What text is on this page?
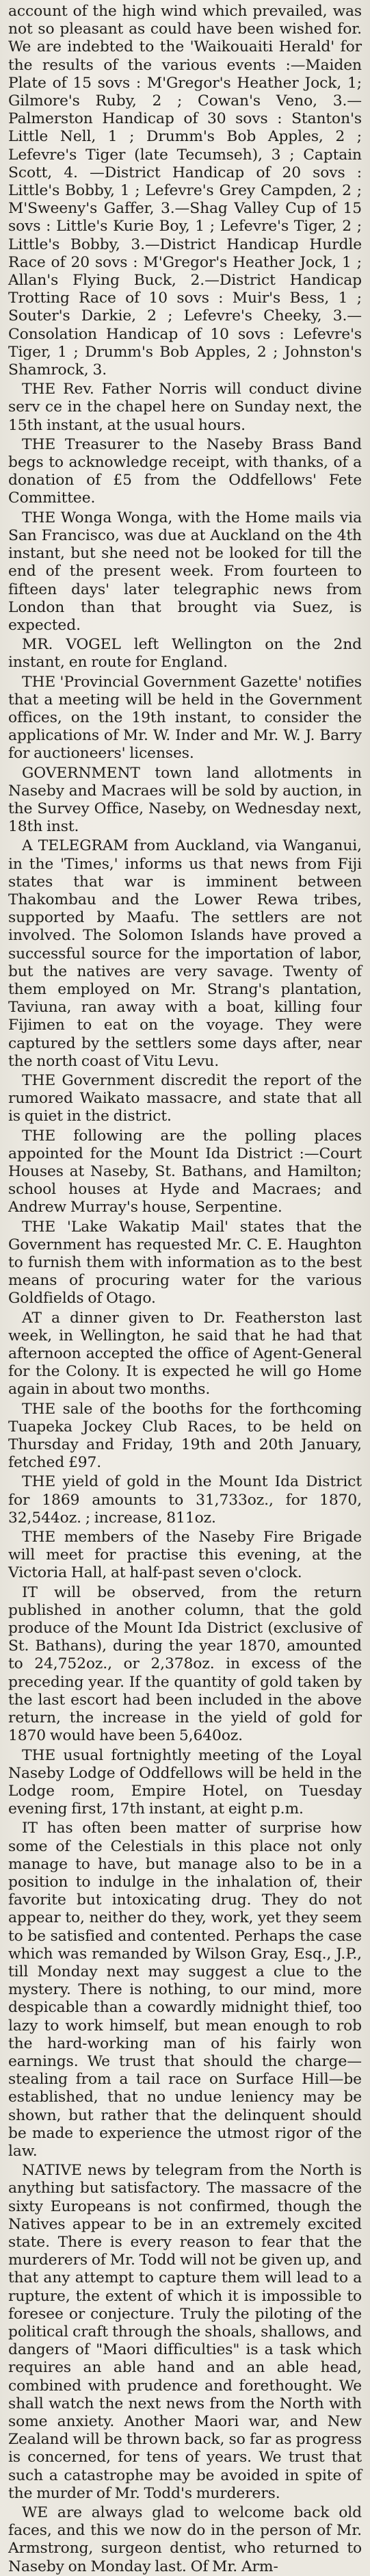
account of the high wind which prevailed, was not so pleasant as could have been wished for. We are indebted to the 'Waikouaiti Herald' for the results of the various events :—Maiden Plate of 15 sovs : M'Gregor's Heather Jock, 1; Gilmore's Ruby, 2 ; Cowan's Veno, 3.—Palmerston Handicap of 30 sovs : Stanton's Little Nell, 1 ; Drumm's Bob Apples, 2 ; Lefevre's Tiger (late Tecumseh), 3 ; Captain Scott, 4. —District Handicap of 20 sovs : Little's Bobby, 1 ; Lefevre's Grey Campden, 2 ; M'Sweeny's Gaffer, 3.—Shag Valley Cup of 15 sovs : Little's Kurie Boy, 1 ; Lefevre's Tiger, 2 ; Little's Bobby, 3.—District Handicap Hurdle Race of 20 sovs : M'Gregor's Heather Jock, 1 ; Allan's Flying Buck, 2.—District Handicap Trotting Race of 10 sovs : Muir's Bess, 1 ; Souter's Darkie, 2 ; Lefevre's Cheeky, 3.—Consolation Handicap of 10 sovs : Lefevre's Tiger, 1 ; Drumm's Bob Apples, 2 ; Johnston's Shamrock, 3.

THE Rev. Father Norris will conduct divine serv ce in the chapel here on Sunday next, the 15th instant, at the usual hours.

THE Treasurer to the Naseby Brass Band begs to acknowledge receipt, with thanks, of a donation of £5 from the Oddfellows' Fete Committee.

THE Wonga Wonga, with the Home mails via San Francisco, was due at Auckland on the 4th instant, but she need not be looked for till the end of the present week. From fourteen to fifteen days' later telegraphic news from London than that brought via Suez, is expected.

MR. VOGEL left Wellington on the 2nd instant, en route for England.

THE 'Provincial Government Gazette' notifies that a meeting will be held in the Government offices, on the 19th instant, to consider the applications of Mr. W. Inder and Mr. W. J. Barry for auctioneers' licenses.

GOVERNMENT town land allotments in Naseby and Macraes will be sold by auction, in the Survey Office, Naseby, on Wednesday next, 18th inst.

A TELEGRAM from Auckland, via Wanganui, in the 'Times,' informs us that news from Fiji states that war is imminent between Thakombau and the Lower Rewa tribes, supported by Maafu. The settlers are not involved. The Solomon Islands have proved a successful source for the importation of labor, but the natives are very savage. Twenty of them employed on Mr. Strang's plantation, Taviuna, ran away with a boat, killing four Fijimen to eat on the voyage. They were captured by the settlers some days after, near the north coast of Vitu Levu.

THE Government discredit the report of the rumored Waikato massacre, and state that all is quiet in the district.

THE following are the polling places appointed for the Mount Ida District :—Court Houses at Naseby, St. Bathans, and Hamilton; school houses at Hyde and Macraes; and Andrew Murray's house, Serpentine.

THE 'Lake Wakatip Mail' states that the Government has requested Mr. C. E. Haughton to furnish them with information as to the best means of procuring water for the various Goldfields of Otago.

AT a dinner given to Dr. Featherston last week, in Wellington, he said that he had that afternoon accepted the office of Agent-General for the Colony. It is expected he will go Home again in about two months.

THE sale of the booths for the forthcoming Tuapeka Jockey Club Races, to be held on Thursday and Friday, 19th and 20th January, fetched £97.

THE yield of gold in the Mount Ida District for 1869 amounts to 31,733oz., for 1870, 32,544oz. ; increase, 811oz.

THE members of the Naseby Fire Brigade will meet for practise this evening, at the Victoria Hall, at half-past seven o'clock.

IT will be observed, from the return published in another column, that the gold produce of the Mount Ida District (exclusive of St. Bathans), during the year 1870, amounted to 24,752oz., or 2,378oz. in excess of the preceding year. If the quantity of gold taken by the last escort had been included in the above return, the increase in the yield of gold for 1870 would have been 5,640oz.

THE usual fortnightly meeting of the Loyal Naseby Lodge of Oddfellows will be held in the Lodge room, Empire Hotel, on Tuesday evening first, 17th instant, at eight p.m.

IT has often been matter of surprise how some of the Celestials in this place not only manage to have, but manage also to be in a position to indulge in the inhalation of, their favorite but intoxicating drug. They do not appear to, neither do they, work, yet they seem to be satisfied and contented. Perhaps the case which was remanded by Wilson Gray, Esq., J.P., till Monday next may suggest a clue to the mystery. There is nothing, to our mind, more despicable than a cowardly midnight thief, too lazy to work himself, but mean enough to rob the hard-working man of his fairly won earnings. We trust that should the charge—stealing from a tail race on Surface Hill—be established, that no undue leniency may be shown, but rather that the delinquent should be made to experience the utmost rigor of the law.

NATIVE news by telegram from the North is anything but satisfactory. The massacre of the sixty Europeans is not confirmed, though the Natives appear to be in an extremely excited state. There is every reason to fear that the murderers of Mr. Todd will not be given up, and that any attempt to capture them will lead to a rupture, the extent of which it is impossible to foresee or conjecture. Truly the piloting of the political craft through the shoals, shallows, and dangers of "Maori difficulties" is a task which requires an able hand and an able head, combined with prudence and forethought. We shall watch the next news from the North with some anxiety. Another Maori war, and New Zealand will be thrown back, so far as progress is concerned, for tens of years. We trust that such a catastrophe may be avoided in spite of the murder of Mr. Todd's murderers.

WE are always glad to welcome back old faces, and this we now do in the person of Mr. Armstrong, surgeon dentist, who returned to Naseby on Monday last. Of Mr. Arm-
